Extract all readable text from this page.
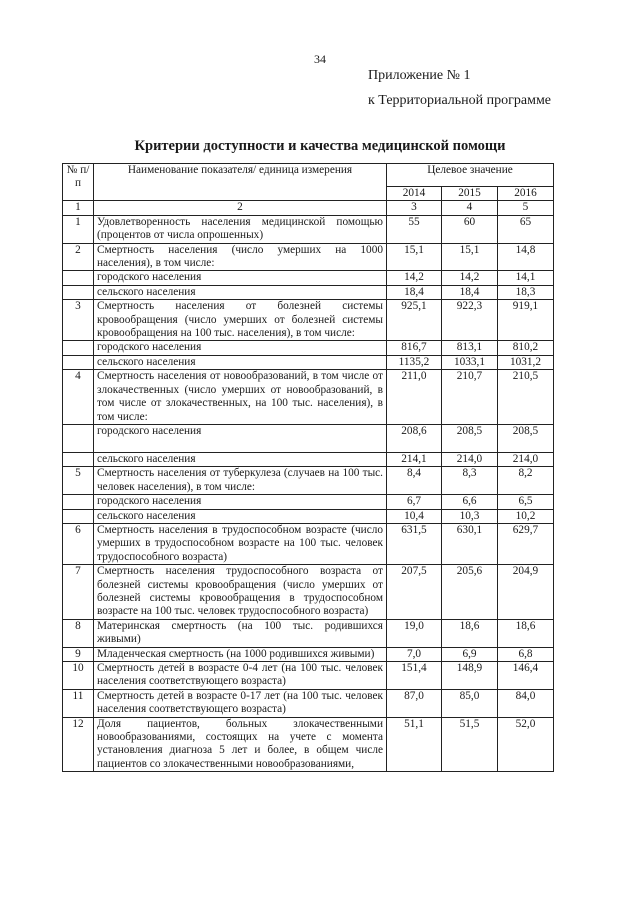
34
Приложение № 1
к Территориальной программе
Критерии доступности и качества медицинской помощи
№ п/п	Наименование показателя/ единица измерения	Целевое значение		
		2014	2015	2016
1	2	3	4	5
1	Удовлетворенность населения медицинской помощью (процентов от числа опрошенных)	55	60	65
2	Смертность населения (число умерших на 1000 населения), в том числе:	15,1	15,1	14,8
	городского населения	14,2	14,2	14,1
	сельского населения	18,4	18,4	18,3
3	Смертность населения от болезней системы кровообращения (число умерших от болезней системы кровообращения на 100 тыс. населения), в том числе:	925,1	922,3	919,1
	городского населения	816,7	813,1	810,2
	сельского населения	1135,2	1033,1	1031,2
4	Смертность населения от новообразований, в том числе от злокачественных (число умерших от новообразований, в том числе от злокачественных, на 100 тыс. населения), в том числе:	211,0	210,7	210,5
	городского населения	208,6	208,5	208,5
	сельского населения	214,1	214,0	214,0
5	Смертность населения от туберкулеза (случаев на 100 тыс. человек населения), в том числе:	8,4	8,3	8,2
	городского населения	6,7	6,6	6,5
	сельского населения	10,4	10,3	10,2
6	Смертность населения в трудоспособном возрасте (число умерших в трудоспособном возрасте на 100 тыс. человек трудоспособного возраста)	631,5	630,1	629,7
7	Смертность населения трудоспособного возраста от болезней системы кровообращения (число умерших от болезней системы кровообращения в трудоспособном возрасте на 100 тыс. человек трудоспособного возраста)	207,5	205,6	204,9
8	Материнская смертность (на 100 тыс. родившихся живыми)	19,0	18,6	18,6
9	Младенческая смертность (на 1000 родившихся живыми)	7,0	6,9	6,8
10	Смертность детей в возрасте 0-4 лет (на 100 тыс. человек населения соответствующего возраста)	151,4	148,9	146,4
11	Смертность детей в возрасте 0-17 лет (на 100 тыс. человек населения соответствующего возраста)	87,0	85,0	84,0
12	Доля пациентов, больных злокачественными новообразованиями, состоящих на учете с момента установления диагноза 5 лет и более, в общем числе пациентов со злокачественными новообразованиями,	51,1	51,5	52,0
